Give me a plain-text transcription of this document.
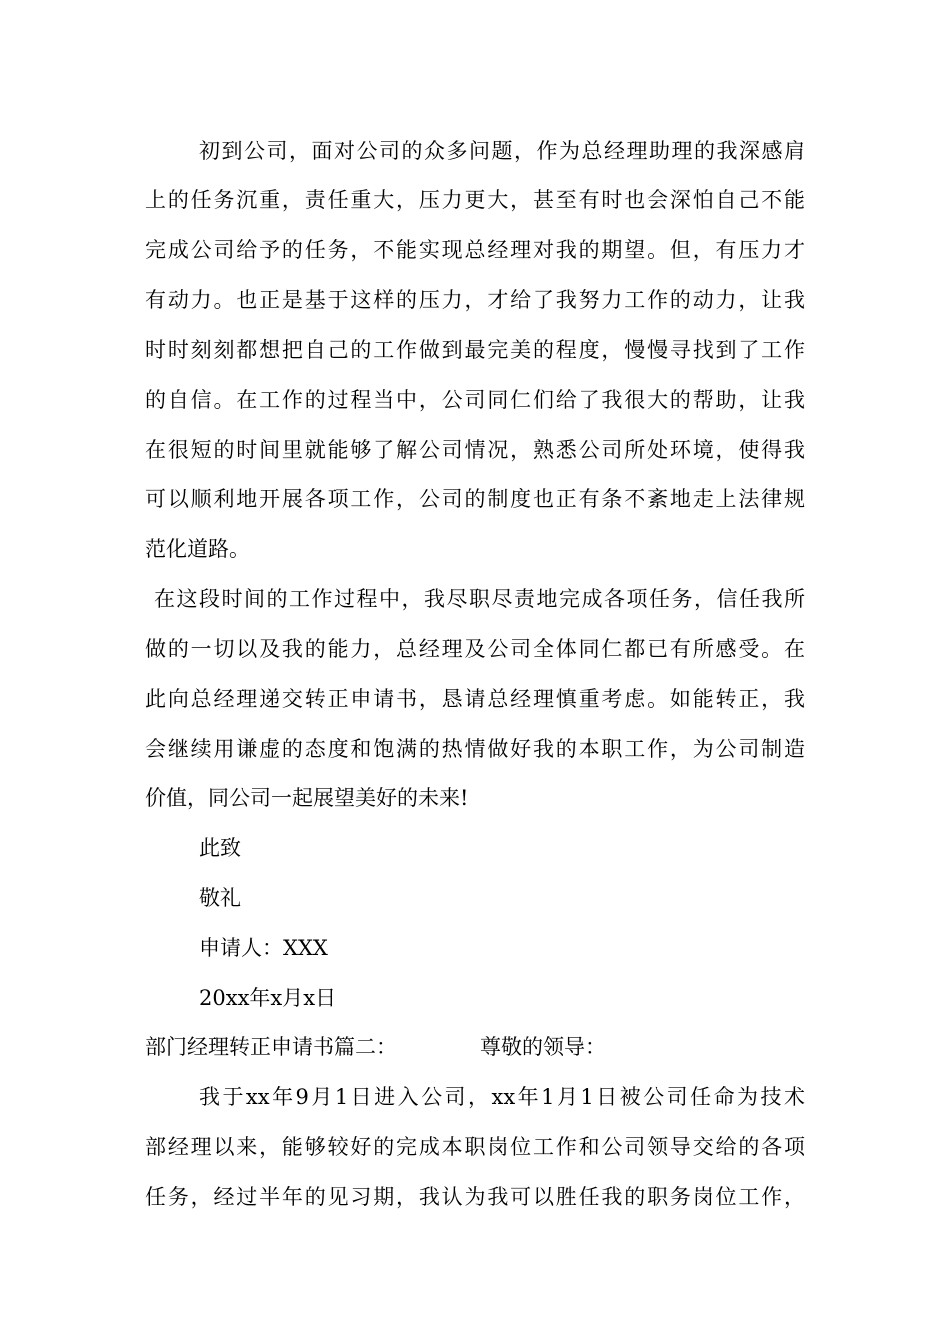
初到公司，面对公司的众多问题，作为总经理助理的我深感肩
上的任务沉重，责任重大，压力更大，甚至有时也会深怕自己不能
完成公司给予的任务，不能实现总经理对我的期望。但，有压力才
有动力。也正是基于这样的压力，才给了我努力工作的动力，让我
时时刻刻都想把自己的工作做到最完美的程度，慢慢寻找到了工作
的自信。在工作的过程当中，公司同仁们给了我很大的帮助，让我
在很短的时间里就能够了解公司情况，熟悉公司所处环境，使得我
可以顺利地开展各项工作，公司的制度也正有条不紊地走上法律规
范化道路。
在这段时间的工作过程中，我尽职尽责地完成各项任务，信任我所
做的一切以及我的能力，总经理及公司全体同仁都已有所感受。在
此向总经理递交转正申请书，恳请总经理慎重考虑。如能转正，我
会继续用谦虚的态度和饱满的热情做好我的本职工作，为公司制造
价值，同公司一起展望美好的未来!
此致
敬礼
申请人：XXX
20xx年x月x日
部门经理转正申请书篇二：	尊敬的领导：
我于xx年9月1日进入公司，xx年1月1日被公司任命为技术
部经理以来，能够较好的完成本职岗位工作和公司领导交给的各项
任务，经过半年的见习期，我认为我可以胜任我的职务岗位工作，
